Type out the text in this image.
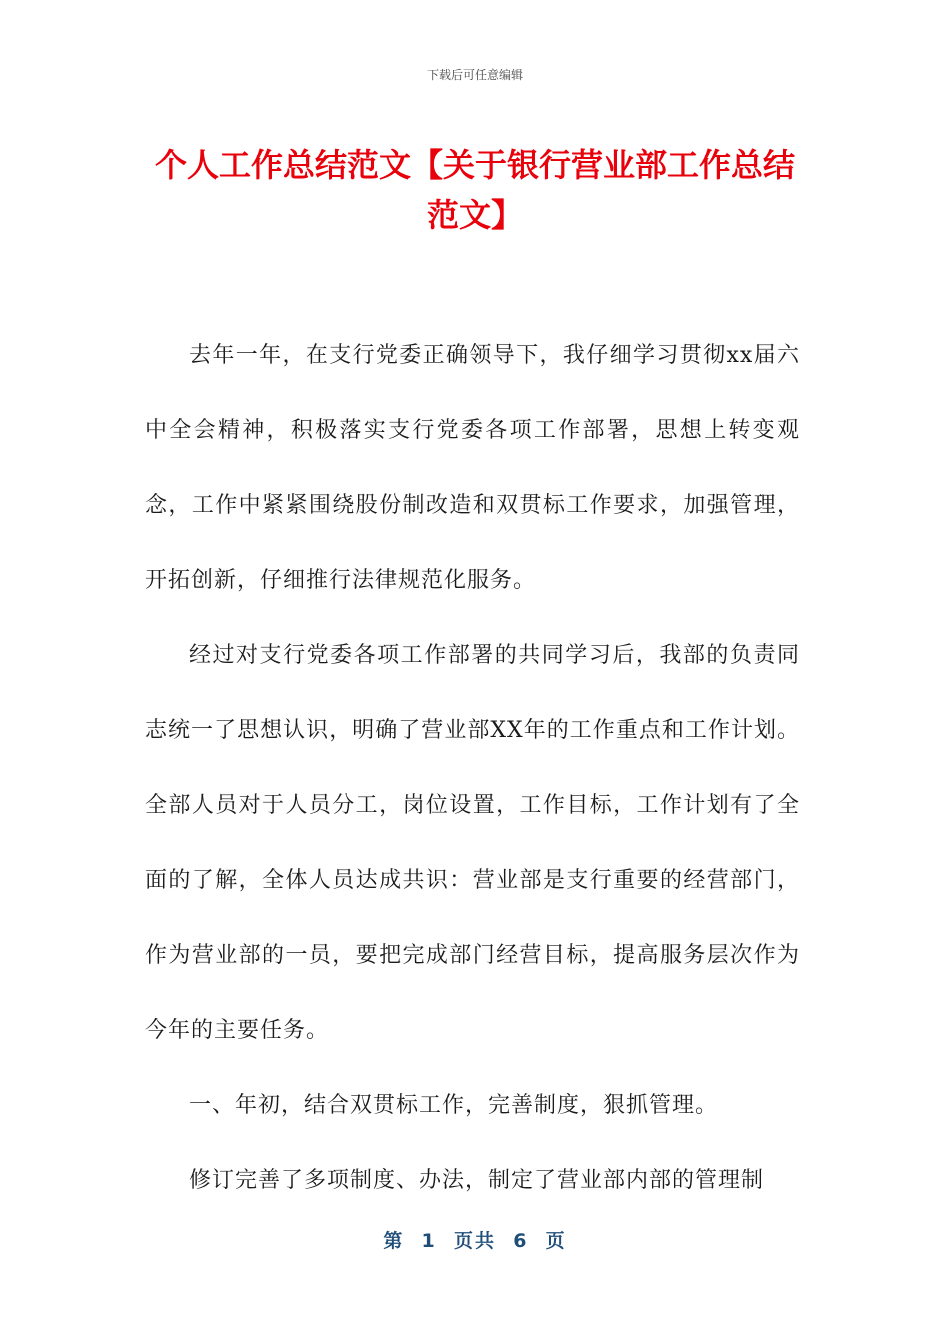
下载后可任意编辑
个人工作总结范文【关于银行营业部工作总结范文】

去年一年，在支行党委正确领导下，我仔细学习贯彻xx届六中全会精神，积极落实支行党委各项工作部署，思想上转变观念，工作中紧紧围绕股份制改造和双贯标工作要求，加强管理，开拓创新，仔细推行法律规范化服务。

经过对支行党委各项工作部署的共同学习后，我部的负责同志统一了思想认识，明确了营业部XX年的工作重点和工作计划。全部人员对于人员分工，岗位设置，工作目标，工作计划有了全面的了解，全体人员达成共识：营业部是支行重要的经营部门，作为营业部的一员，要把完成部门经营目标，提高服务层次作为今年的主要任务。

一、年初，结合双贯标工作，完善制度，狠抓管理。

修订完善了多项制度、办法，制定了营业部内部的管理制

第  1  页共  6  页
